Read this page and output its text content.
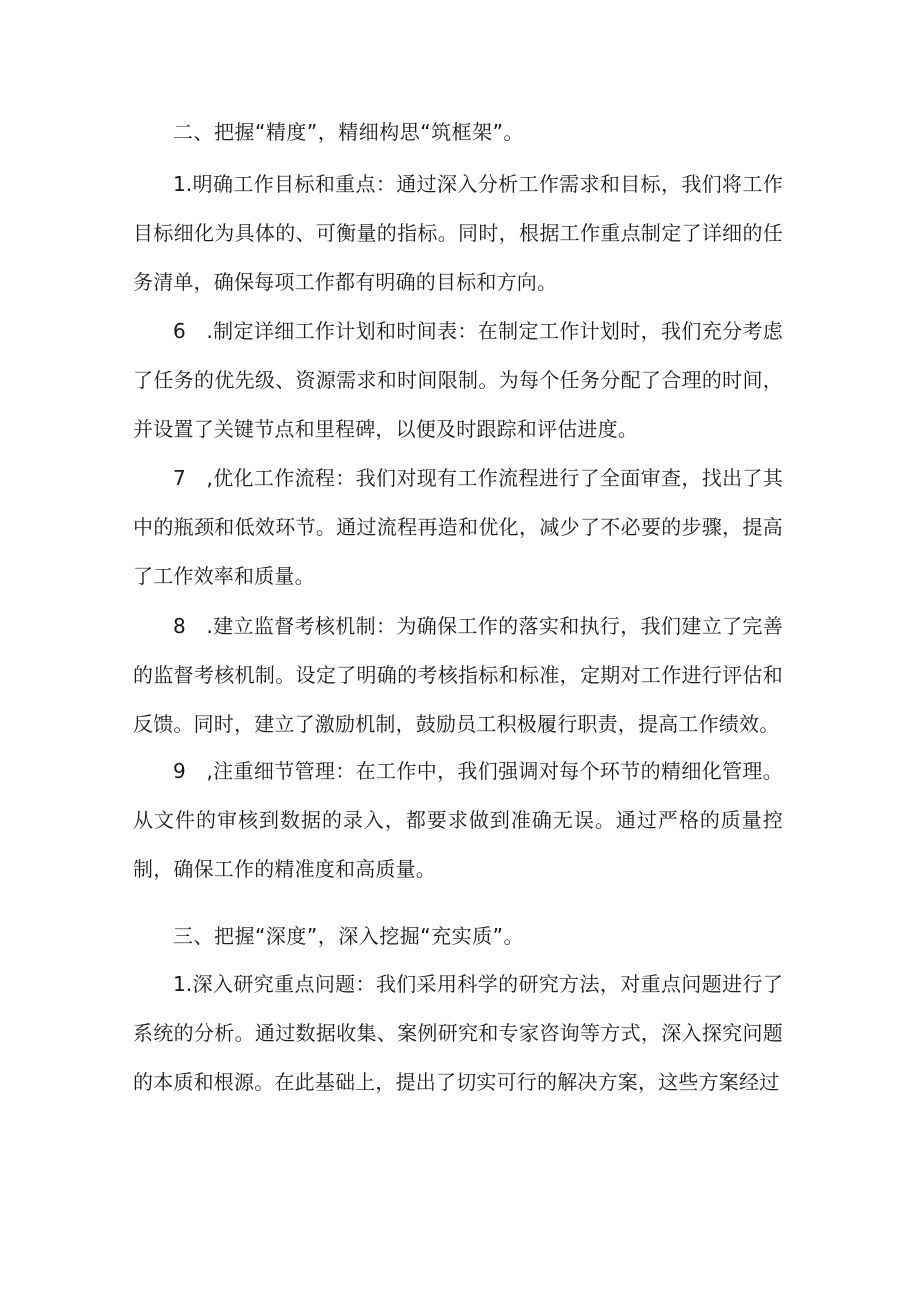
二、把握“精度”，精细构思“筑框架”。
1.明确工作目标和重点：通过深入分析工作需求和目标，我们将工作目标细化为具体的、可衡量的指标。同时，根据工作重点制定了详细的任务清单，确保每项工作都有明确的目标和方向。
6　.制定详细工作计划和时间表：在制定工作计划时，我们充分考虑了任务的优先级、资源需求和时间限制。为每个任务分配了合理的时间，并设置了关键节点和里程碑，以便及时跟踪和评估进度。
7　,优化工作流程：我们对现有工作流程进行了全面审查，找出了其中的瓶颈和低效环节。通过流程再造和优化，减少了不必要的步骤，提高了工作效率和质量。
8　.建立监督考核机制：为确保工作的落实和执行，我们建立了完善的监督考核机制。设定了明确的考核指标和标准，定期对工作进行评估和反馈。同时，建立了激励机制，鼓励员工积极履行职责，提高工作绩效。
9　,注重细节管理：在工作中，我们强调对每个环节的精细化管理。从文件的审核到数据的录入，都要求做到准确无误。通过严格的质量控制，确保工作的精准度和高质量。
三、把握“深度”，深入挖掘“充实质”。
1.深入研究重点问题：我们采用科学的研究方法，对重点问题进行了系统的分析。通过数据收集、案例研究和专家咨询等方式，深入探究问题的本质和根源。在此基础上，提出了切实可行的解决方案，这些方案经过
